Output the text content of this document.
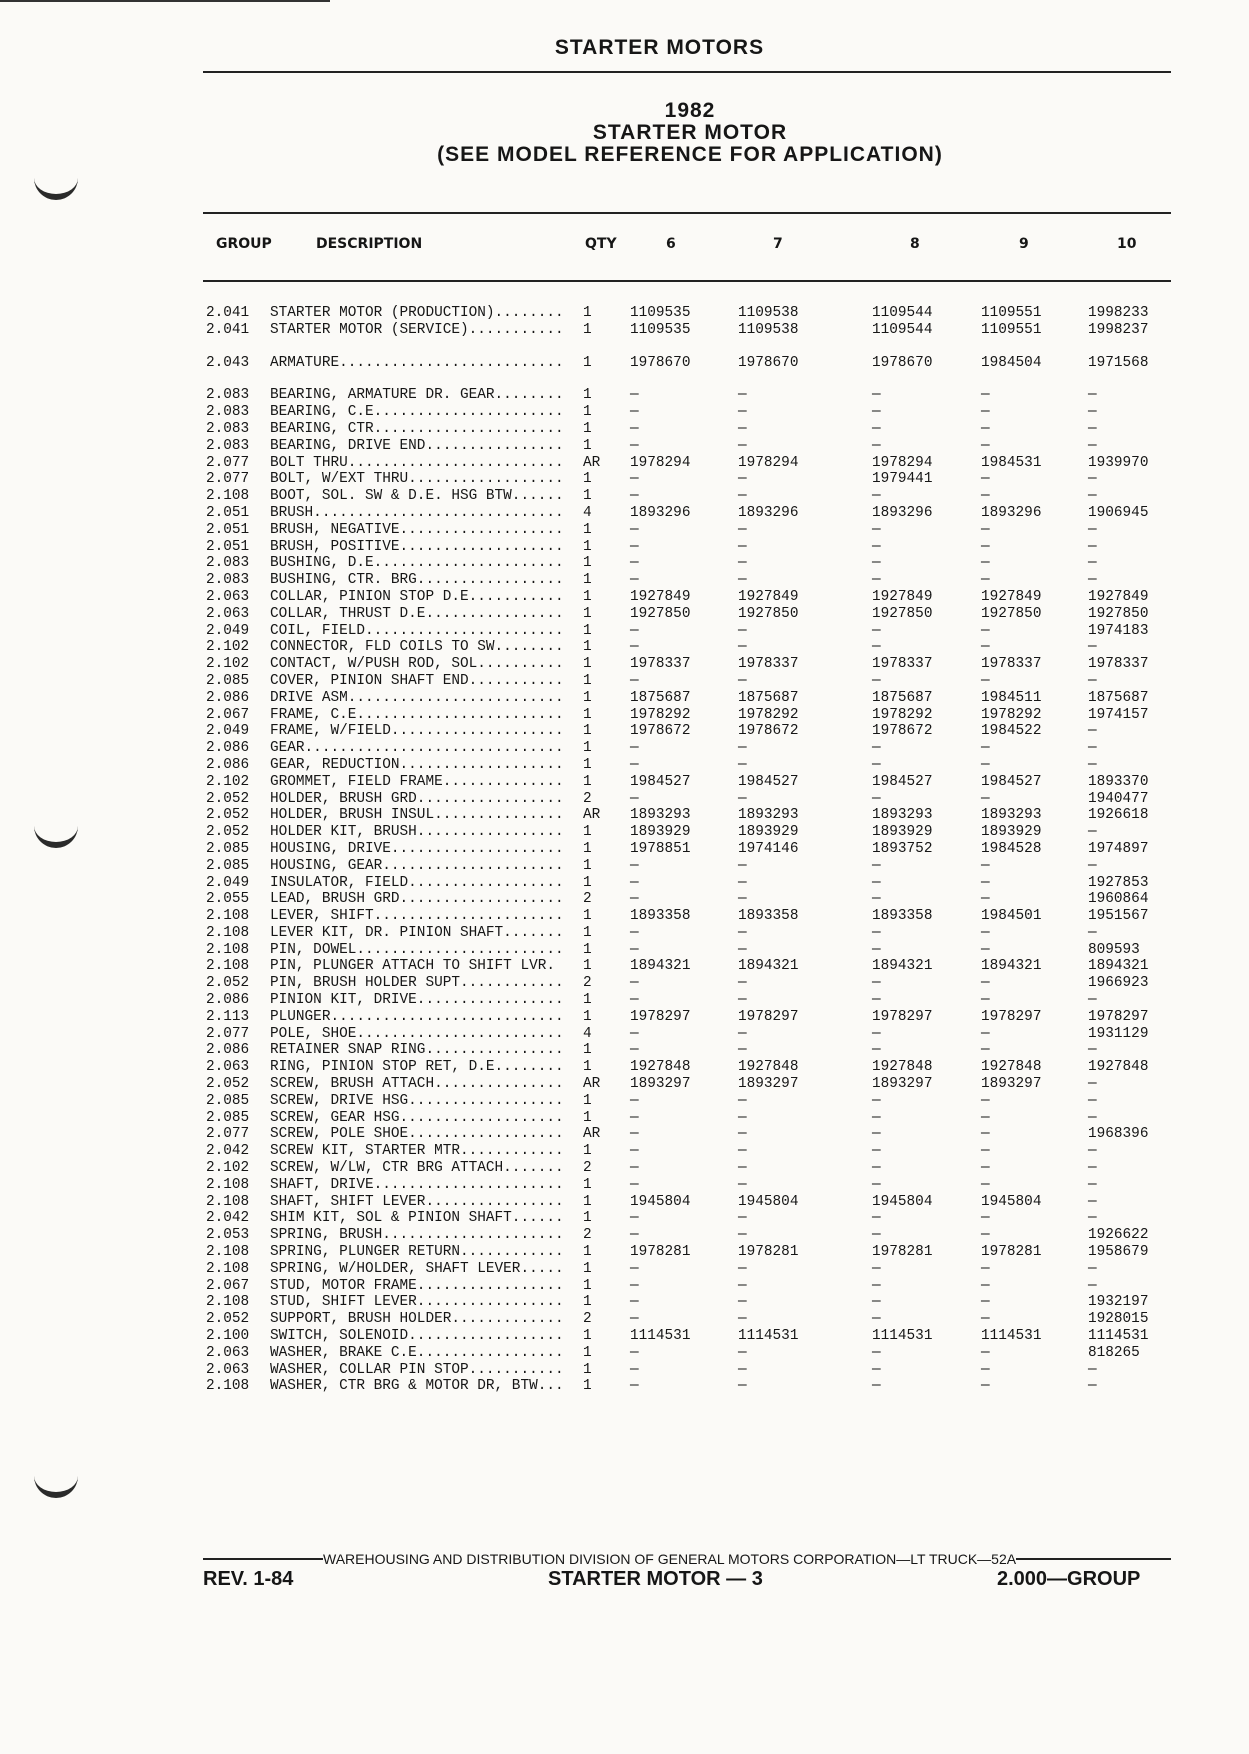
STARTER MOTORS
1982
STARTER MOTOR
(SEE MODEL REFERENCE FOR APPLICATION)
GROUP	DESCRIPTION	QTY	6	7	8	9	10
2.041 STARTER MOTOR (PRODUCTION)........ 1	1109535	1109538	1109544	1109551	1998233
2.041 STARTER MOTOR (SERVICE)........... 1	1109535	1109538	1109544	1109551	1998237
2.043 ARMATURE.......................... 1	1978670	1978670	1978670	1984504	1971568
2.083 BEARING, ARMATURE DR. GEAR........ 1	—	—	—	—	—
2.083 BEARING, C.E...................... 1	—	—	—	—	—
2.083 BEARING, CTR...................... 1	—	—	—	—	—
2.083 BEARING, DRIVE END................ 1	—	—	—	—	—
2.077 BOLT THRU......................... AR 1978294	1978294	1978294	1984531	1939970
2.077 BOLT, W/EXT THRU.................. 1	—	—	1979441	—	—
2.108 BOOT, SOL. SW & D.E. HSG BTW...... 1	—	—	—	—	—
2.051 BRUSH............................. 4	1893296	1893296	1893296	1893296	1906945
2.051 BRUSH, NEGATIVE................... 1	—	—	—	—	—
2.051 BRUSH, POSITIVE................... 1	—	—	—	—	—
2.083 BUSHING, D.E...................... 1	—	—	—	—	—
2.083 BUSHING, CTR. BRG................. 1	—	—	—	—	—
2.063 COLLAR, PINION STOP D.E........... 1	1927849	1927849	1927849	1927849	1927849
2.063 COLLAR, THRUST D.E................ 1	1927850	1927850	1927850	1927850	1927850
2.049 COIL, FIELD....................... 1	—	—	—	—	1974183
2.102 CONNECTOR, FLD COILS TO SW........ 1	—	—	—	—	—
2.102 CONTACT, W/PUSH ROD, SOL.......... 1	1978337	1978337	1978337	1978337	1978337
2.085 COVER, PINION SHAFT END........... 1	—	—	—	—	—
2.086 DRIVE ASM......................... 1	1875687	1875687	1875687	1984511	1875687
2.067 FRAME, C.E........................ 1	1978292	1978292	1978292	1978292	1974157
2.049 FRAME, W/FIELD.................... 1	1978672	1978672	1978672	1984522	—
2.086 GEAR.............................. 1	—	—	—	—	—
2.086 GEAR, REDUCTION................... 1	—	—	—	—	—
2.102 GROMMET, FIELD FRAME.............. 1	1984527	1984527	1984527	1984527	1893370
2.052 HOLDER, BRUSH GRD................. 2	—	—	—	—	1940477
2.052 HOLDER, BRUSH INSUL............... AR 1893293	1893293	1893293	1893293	1926618
2.052 HOLDER KIT, BRUSH................. 1	1893929	1893929	1893929	1893929	—
2.085 HOUSING, DRIVE.................... 1	1978851	1974146	1893752	1984528	1974897
2.085 HOUSING, GEAR..................... 1	—	—	—	—	—
2.049 INSULATOR, FIELD.................. 1	—	—	—	—	1927853
2.055 LEAD, BRUSH GRD................... 2	—	—	—	—	1960864
2.108 LEVER, SHIFT...................... 1	1893358	1893358	1893358	1984501	1951567
2.108 LEVER KIT, DR. PINION SHAFT....... 1	—	—	—	—	—
2.108 PIN, DOWEL........................ 1	—	—	—	—	809593
2.108 PIN, PLUNGER ATTACH TO SHIFT LVR.	1	1894321	1894321	1894321	1894321	1894321
2.052 PIN, BRUSH HOLDER SUPT............ 2	—	—	—	—	1966923
2.086 PINION KIT, DRIVE................. 1	—	—	—	—	—
2.113 PLUNGER........................... 1	1978297	1978297	1978297	1978297	1978297
2.077 POLE, SHOE........................ 4	—	—	—	—	1931129
2.086 RETAINER SNAP RING................ 1	—	—	—	—	—
2.063 RING, PINION STOP RET, D.E........ 1	1927848	1927848	1927848	1927848	1927848
2.052 SCREW, BRUSH ATTACH............... AR 1893297	1893297	1893297	1893297	—
2.085 SCREW, DRIVE HSG.................. 1	—	—	—	—	—
2.085 SCREW, GEAR HSG................... 1	—	—	—	—	—
2.077 SCREW, POLE SHOE.................. AR —	—	—	—	1968396
2.042 SCREW KIT, STARTER MTR............ 1	—	—	—	—	—
2.102 SCREW, W/LW, CTR BRG ATTACH....... 2	—	—	—	—	—
2.108 SHAFT, DRIVE...................... 1	—	—	—	—	—
2.108 SHAFT, SHIFT LEVER................ 1	1945804	1945804	1945804	1945804	—
2.042 SHIM KIT, SOL & PINION SHAFT...... 1	—	—	—	—	—
2.053 SPRING, BRUSH..................... 2	—	—	—	—	1926622
2.108 SPRING, PLUNGER RETURN............ 1	1978281	1978281	1978281	1978281	1958679
2.108 SPRING, W/HOLDER, SHAFT LEVER..... 1	—	—	—	—	—
2.067 STUD, MOTOR FRAME................. 1	—	—	—	—	—
2.108 STUD, SHIFT LEVER................. 1	—	—	—	—	1932197
2.052 SUPPORT, BRUSH HOLDER............. 2	—	—	—	—	1928015
2.100 SWITCH, SOLENOID.................. 1	1114531	1114531	1114531	1114531	1114531
2.063 WASHER, BRAKE C.E................. 1	—	—	—	—	818265
2.063 WASHER, COLLAR PIN STOP........... 1	—	—	—	—	—
2.108 WASHER, CTR BRG & MOTOR DR, BTW... 1	—	—	—	—	—
WAREHOUSING AND DISTRIBUTION DIVISION OF GENERAL MOTORS CORPORATION—LT TRUCK—52A
REV. 1-84	STARTER MOTOR — 3	2.000—GROUP
